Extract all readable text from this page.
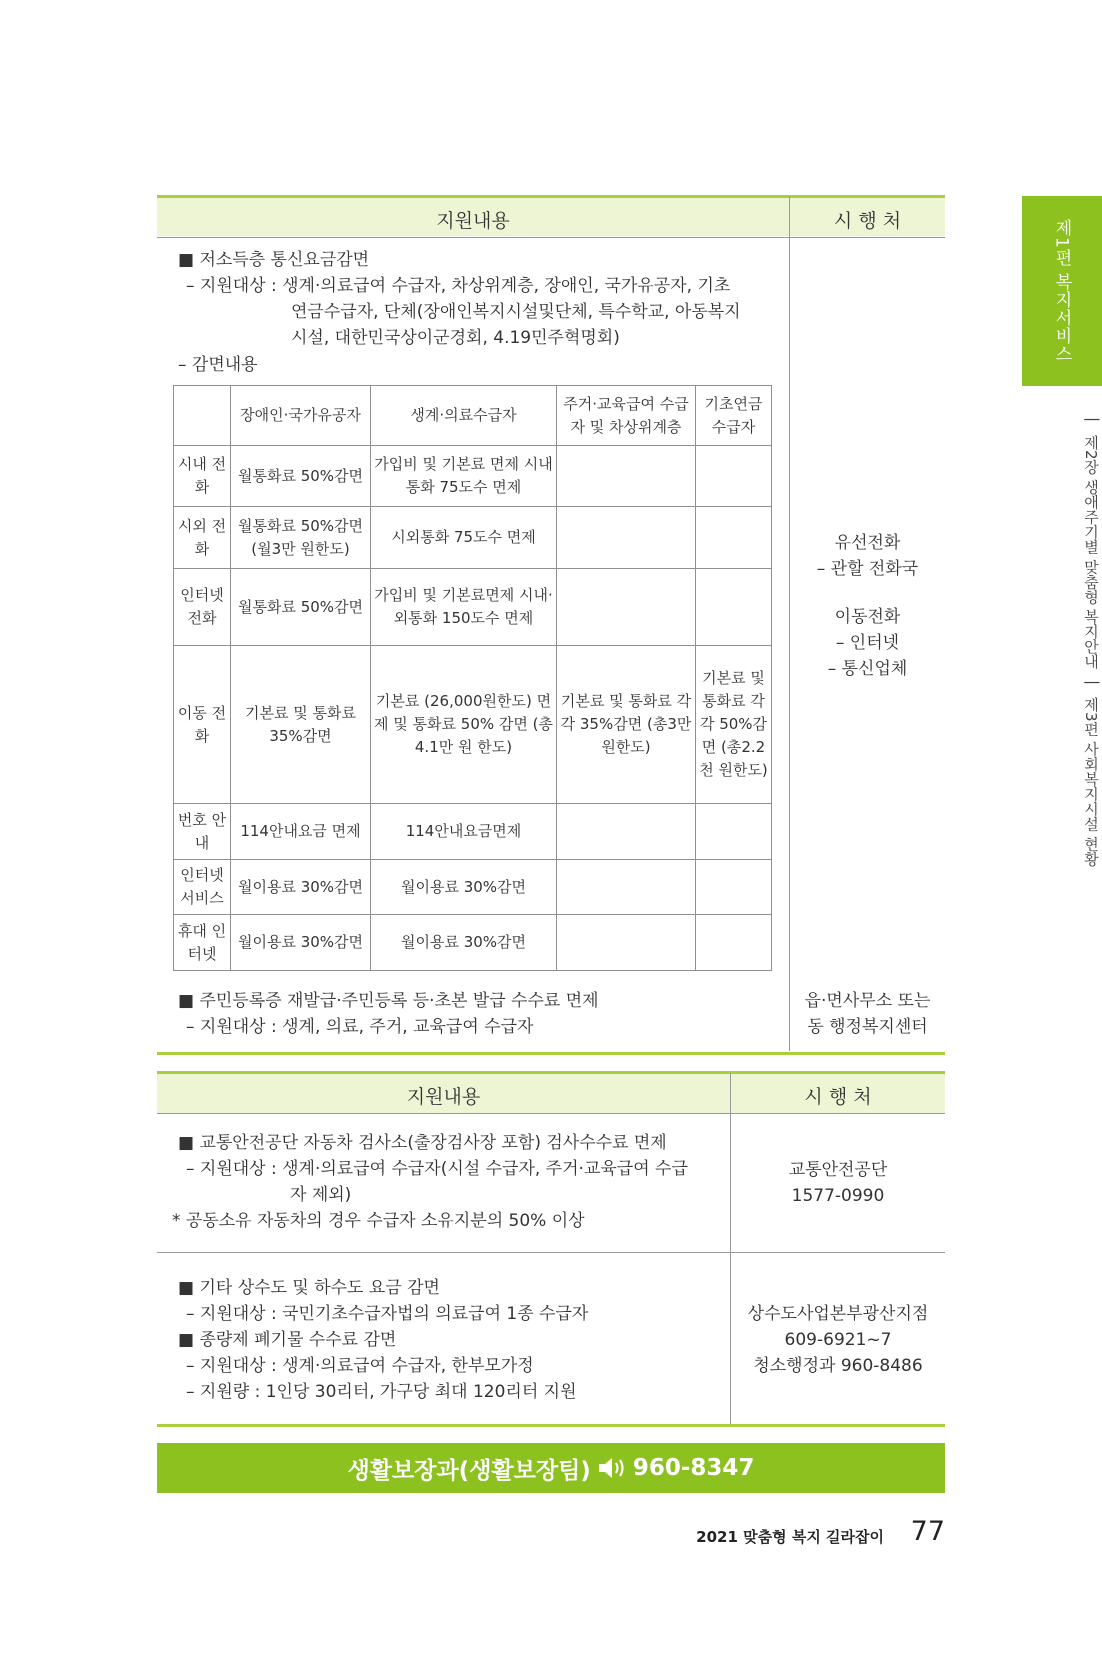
제1편 복지서비스
|
제2장 생애주기별 맞춤형 복지안내
|
제3편 사회복지시설 현황
지원내용	시 행 처
■ 저소득층 통신요금감면
– 지원대상 : 생계·의료급여 수급자, 차상위계층, 장애인, 국가유공자, 기초
연금수급자, 단체(장애인복지시설및단체, 특수학교, 아동복지
시설, 대한민국상이군경회, 4.19민주혁명회)
– 감면내용
	장애인·국가유공자	생계·의료수급자	주거·교육급여 수급자 및 차상위계층	기초연금 수급자
시내 전화	월통화료 50%감면	가입비 및 기본료 면제 시내통화 75도수 면제		
시외 전화	월통화료 50%감면 (월3만 원한도)	시외통화 75도수 면제		
인터넷 전화	월통화료 50%감면	가입비 및 기본료면제 시내·외통화 150도수 면제		
이동 전화	기본료 및 통화료 35%감면	기본료 (26,000원한도) 면제 및 통화료 50% 감면 (총4.1만 원 한도)	기본료 및 통화료 각각 35%감면 (총3만 원한도)	기본료 및 통화료 각각 50%감면 (총2.2천 원한도)
번호 안내	114안내요금 면제	114안내요금면제		
인터넷 서비스	월이용료 30%감면	월이용료 30%감면		
휴대 인터넷	월이용료 30%감면	월이용료 30%감면		
유선전화
– 관할 전화국
이동전화
– 인터넷
– 통신업체
■ 주민등록증 재발급·주민등록 등·초본 발급 수수료 면제
– 지원대상 : 생계, 의료, 주거, 교육급여 수급자
읍·면사무소 또는
동 행정복지센터
지원내용	시 행 처
■ 교통안전공단 자동차 검사소(출장검사장 포함) 검사수수료 면제
– 지원대상 : 생계·의료급여 수급자(시설 수급자, 주거·교육급여 수급
자 제외)
* 공동소유 자동차의 경우 수급자 소유지분의 50% 이상
교통안전공단
1577-0990
■ 기타 상수도 및 하수도 요금 감면
– 지원대상 : 국민기초수급자법의 의료급여 1종 수급자
■ 종량제 폐기물 수수료 감면
– 지원대상 : 생계·의료급여 수급자, 한부모가정
– 지원량 : 1인당 30리터, 가구당 최대 120리터 지원
상수도사업본부광산지점
609-6921~7
청소행정과 960-8486
생활보장과(생활보장팀) 960-8347
2021 맞춤형 복지 길라잡이 77
